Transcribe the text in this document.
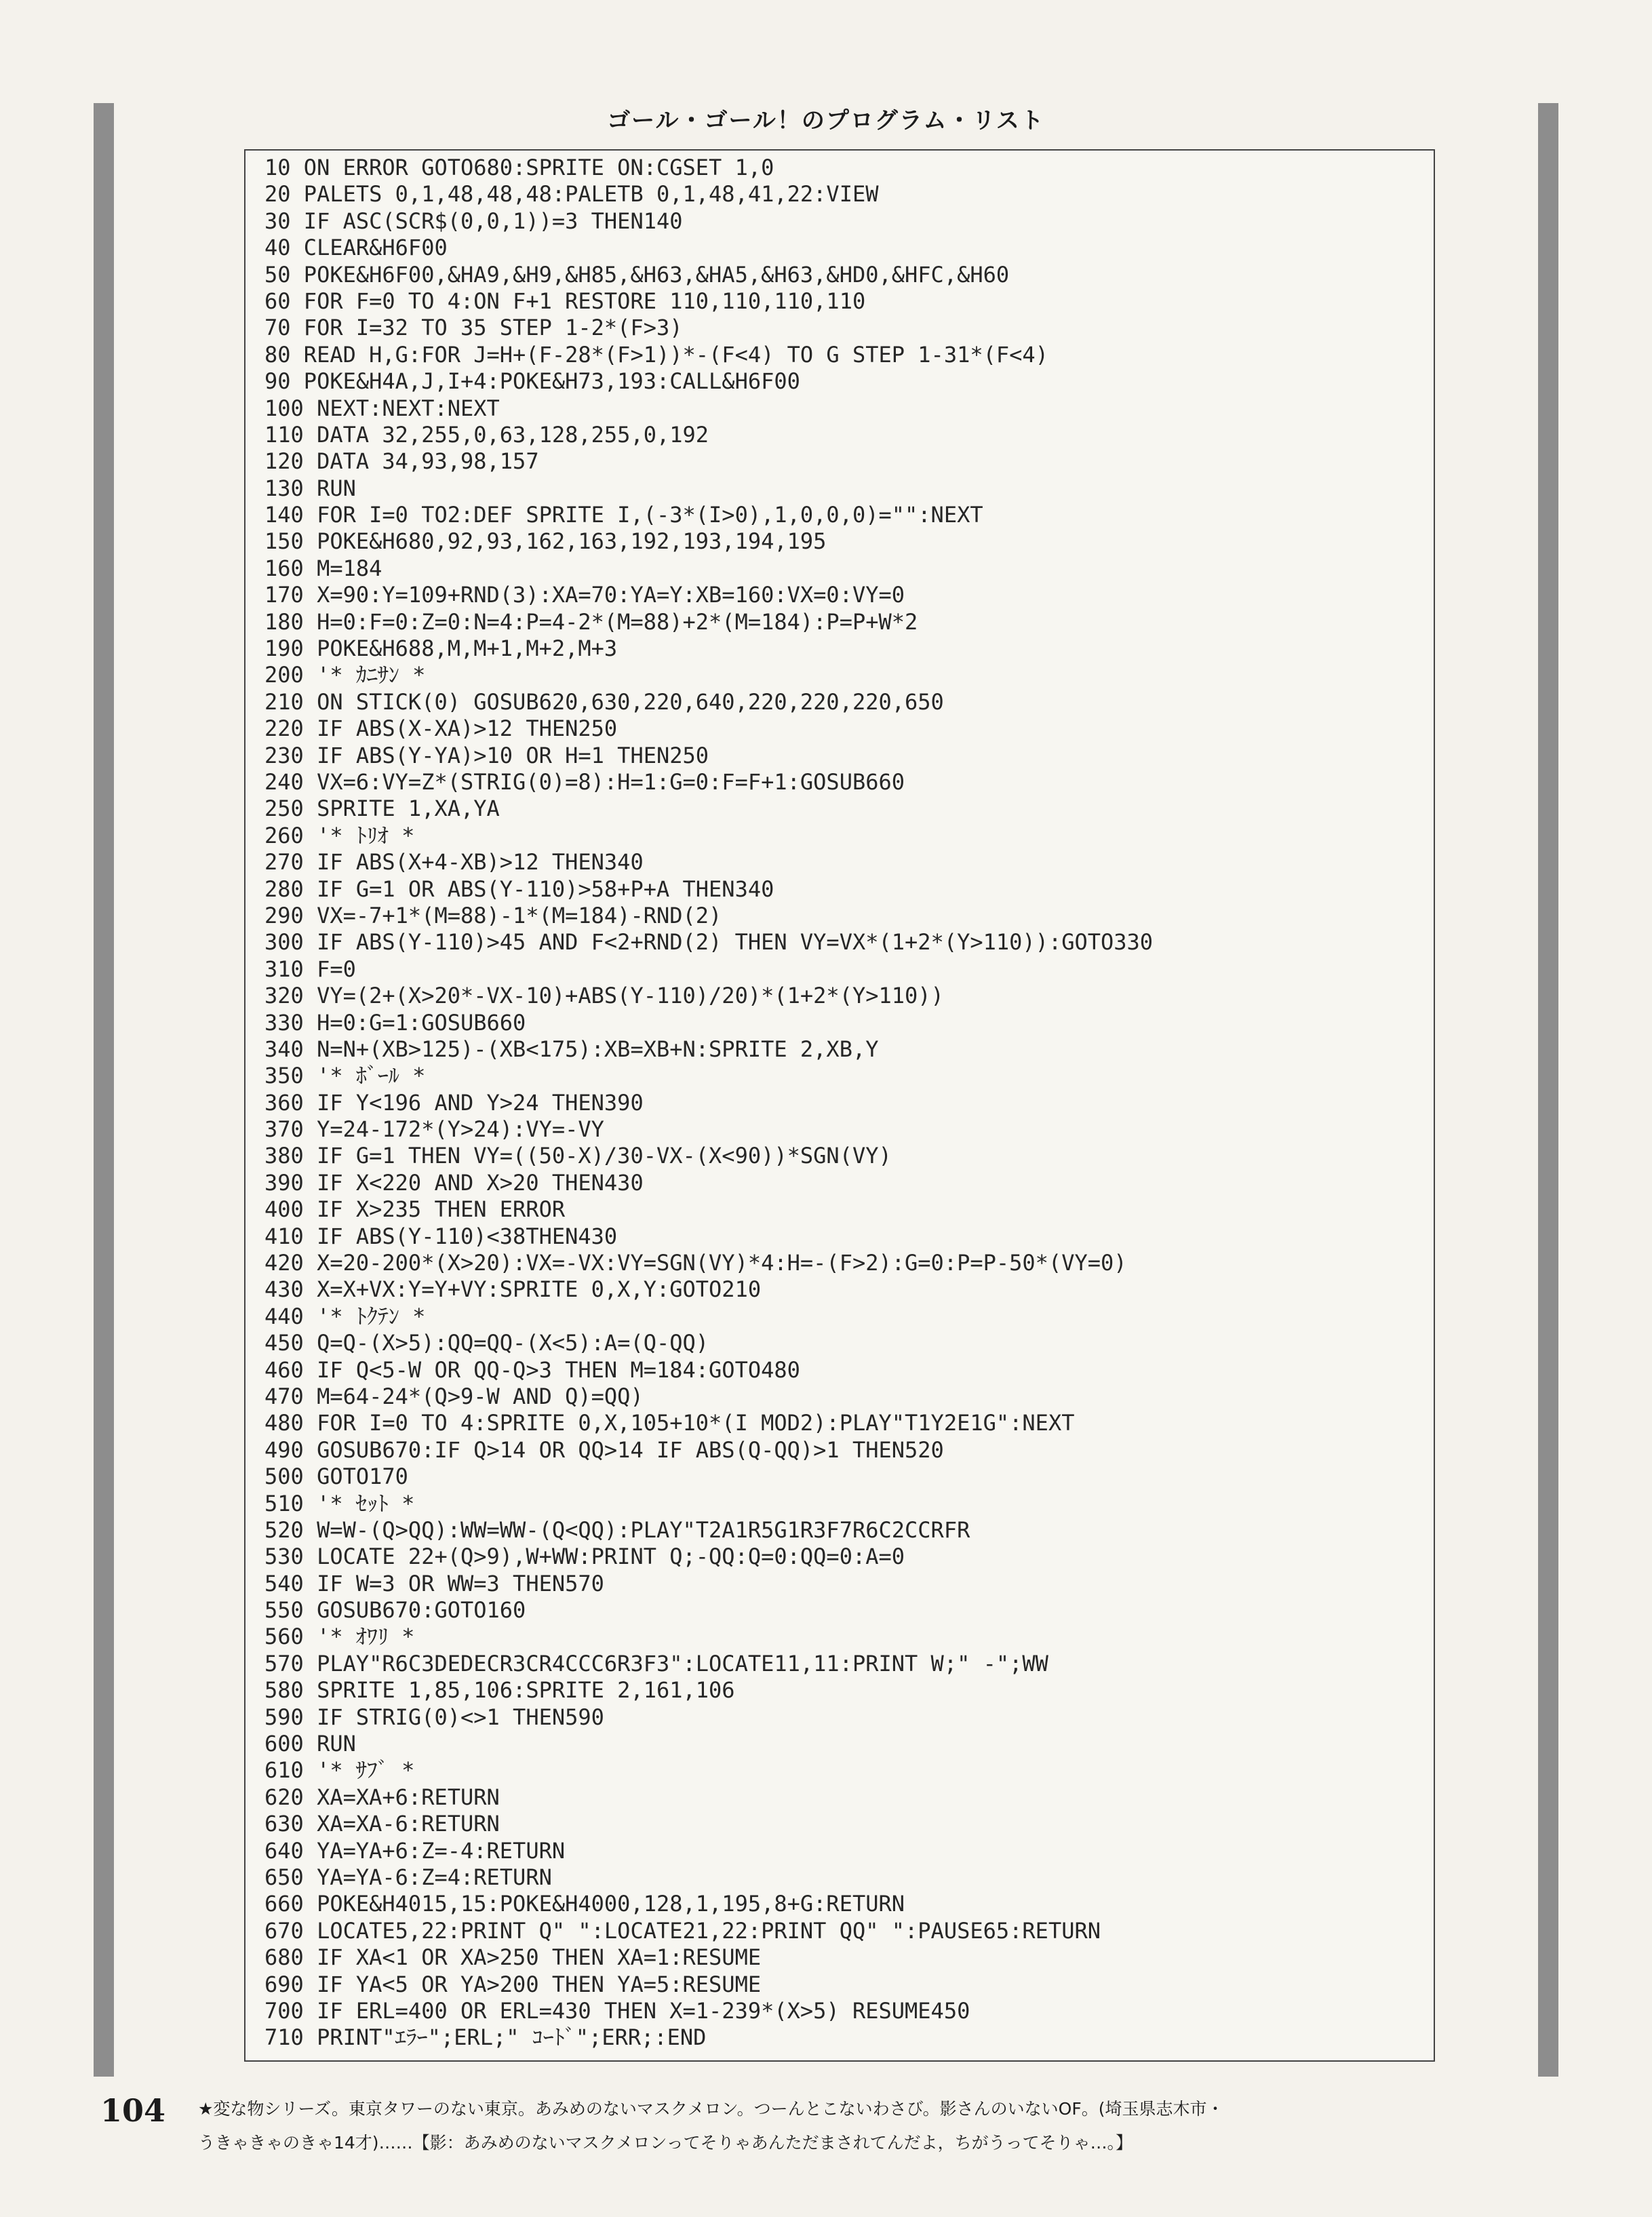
ゴール・ゴール！のプログラム・リスト
10 ON ERROR GOTO680:SPRITE ON:CGSET 1,0
20 PALETS 0,1,48,48,48:PALETB 0,1,48,41,22:VIEW
30 IF ASC(SCR$(0,0,1))=3 THEN140
40 CLEAR&H6F00
50 POKE&H6F00,&HA9,&H9,&H85,&H63,&HA5,&H63,&HD0,&HFC,&H60
60 FOR F=0 TO 4:ON F+1 RESTORE 110,110,110,110
70 FOR I=32 TO 35 STEP 1-2*(F>3)
80 READ H,G:FOR J=H+(F-28*(F>1))*-(F<4) TO G STEP 1-31*(F<4)
90 POKE&H4A,J,I+4:POKE&H73,193:CALL&H6F00
100 NEXT:NEXT:NEXT
110 DATA 32,255,0,63,128,255,0,192
120 DATA 34,93,98,157
130 RUN
140 FOR I=0 TO2:DEF SPRITE I,(-3*(I>0),1,0,0,0)="":NEXT
150 POKE&H680,92,93,162,163,192,193,194,195
160 M=184
170 X=90:Y=109+RND(3):XA=70:YA=Y:XB=160:VX=0:VY=0
180 H=0:F=0:Z=0:N=4:P=4-2*(M=88)+2*(M=184):P=P+W*2
190 POKE&H688,M,M+1,M+2,M+3
200 '* ｶﾆｻﾝ *
210 ON STICK(0) GOSUB620,630,220,640,220,220,220,650
220 IF ABS(X-XA)>12 THEN250
230 IF ABS(Y-YA)>10 OR H=1 THEN250
240 VX=6:VY=Z*(STRIG(0)=8):H=1:G=0:F=F+1:GOSUB660
250 SPRITE 1,XA,YA
260 '* ﾄﾘｵ *
270 IF ABS(X+4-XB)>12 THEN340
280 IF G=1 OR ABS(Y-110)>58+P+A THEN340
290 VX=-7+1*(M=88)-1*(M=184)-RND(2)
300 IF ABS(Y-110)>45 AND F<2+RND(2) THEN VY=VX*(1+2*(Y>110)):GOTO330
310 F=0
320 VY=(2+(X>20*-VX-10)+ABS(Y-110)/20)*(1+2*(Y>110))
330 H=0:G=1:GOSUB660
340 N=N+(XB>125)-(XB<175):XB=XB+N:SPRITE 2,XB,Y
350 '* ﾎﾞｰﾙ *
360 IF Y<196 AND Y>24 THEN390
370 Y=24-172*(Y>24):VY=-VY
380 IF G=1 THEN VY=((50-X)/30-VX-(X<90))*SGN(VY)
390 IF X<220 AND X>20 THEN430
400 IF X>235 THEN ERROR
410 IF ABS(Y-110)<38THEN430
420 X=20-200*(X>20):VX=-VX:VY=SGN(VY)*4:H=-(F>2):G=0:P=P-50*(VY=0)
430 X=X+VX:Y=Y+VY:SPRITE 0,X,Y:GOTO210
440 '* ﾄｸﾃﾝ *
450 Q=Q-(X>5):QQ=QQ-(X<5):A=(Q-QQ)
460 IF Q<5-W OR QQ-Q>3 THEN M=184:GOTO480
470 M=64-24*(Q>9-W AND Q)=QQ)
480 FOR I=0 TO 4:SPRITE 0,X,105+10*(I MOD2):PLAY"T1Y2E1G":NEXT
490 GOSUB670:IF Q>14 OR QQ>14 IF ABS(Q-QQ)>1 THEN520
500 GOTO170
510 '* ｾｯﾄ *
520 W=W-(Q>QQ):WW=WW-(Q<QQ):PLAY"T2A1R5G1R3F7R6C2CCRFR
530 LOCATE 22+(Q>9),W+WW:PRINT Q;-QQ:Q=0:QQ=0:A=0
540 IF W=3 OR WW=3 THEN570
550 GOSUB670:GOTO160
560 '* ｵﾜﾘ *
570 PLAY"R6C3DEDECR3CR4CCC6R3F3":LOCATE11,11:PRINT W;" -";WW
580 SPRITE 1,85,106:SPRITE 2,161,106
590 IF STRIG(0)<>1 THEN590
600 RUN
610 '* ｻﾌﾞ *
620 XA=XA+6:RETURN
630 XA=XA-6:RETURN
640 YA=YA+6:Z=-4:RETURN
650 YA=YA-6:Z=4:RETURN
660 POKE&H4015,15:POKE&H4000,128,1,195,8+G:RETURN
670 LOCATE5,22:PRINT Q" ":LOCATE21,22:PRINT QQ" ":PAUSE65:RETURN
680 IF XA<1 OR XA>250 THEN XA=1:RESUME
690 IF YA<5 OR YA>200 THEN YA=5:RESUME
700 IF ERL=400 OR ERL=430 THEN X=1-239*(X>5) RESUME450
710 PRINT"ｴﾗｰ";ERL;" ｺｰﾄﾞ";ERR;:END
104 ★変な物シリーズ。東京タワーのない東京。あみめのないマスクメロン。つーんとこないわさび。影さんのいないOF。(埼玉県志木市・
うきゃきゃのきゃ14才)……【影：あみめのないマスクメロンってそりゃあんただまされてんだよ，ちがうってそりゃ…。】
